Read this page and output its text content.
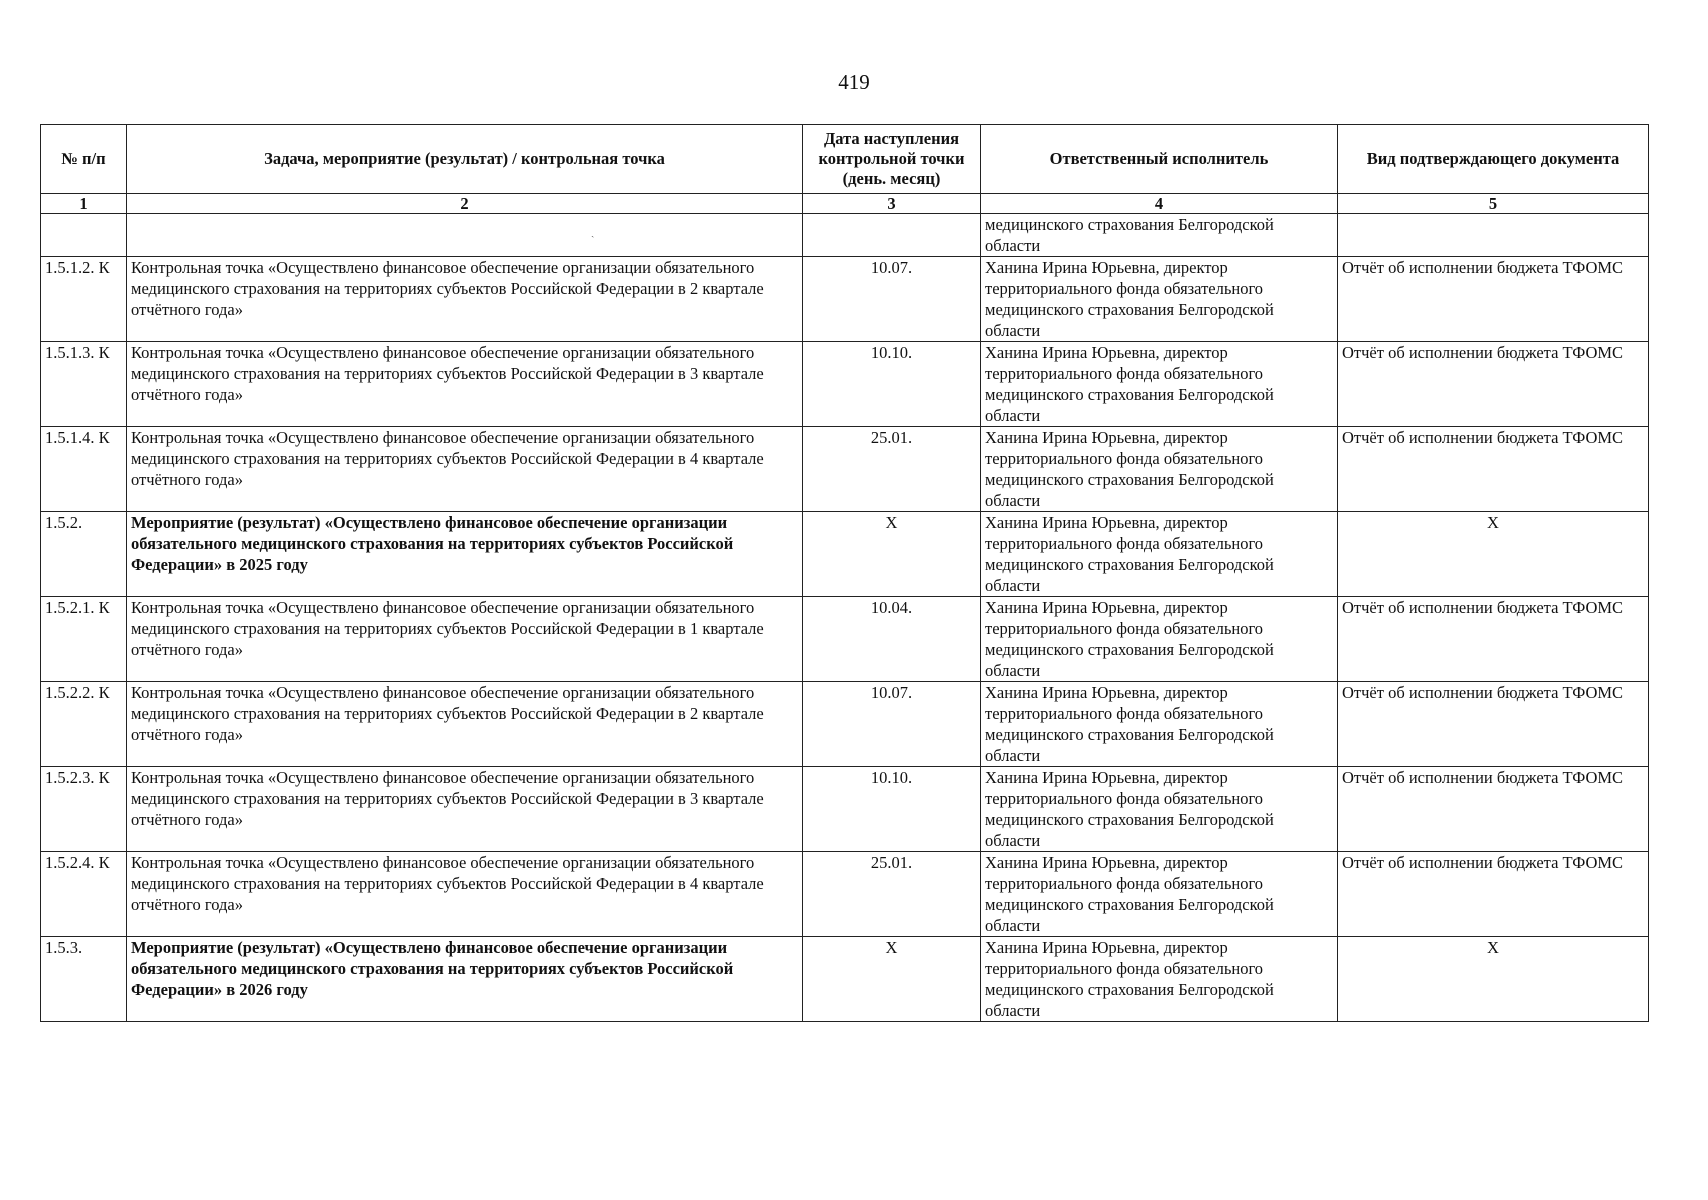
419
№ п/п	Задача, мероприятие (результат) / контрольная точка	Дата наступления контрольной точки (день. месяц)	Ответственный исполнитель	Вид подтверждающего документа
1	2	3	4	5
	ˏ		медицинского страхования Белгородской области	
1.5.1.2. К	Контрольная точка «Осуществлено финансовое обеспечение организации обязательного медицинского страхования на территориях субъектов Российской Федерации в 2 квартале отчётного года»	10.07.	Ханина Ирина Юрьевна, директор территориального фонда обязательного медицинского страхования Белгородской области	Отчёт об исполнении бюджета ТФОМС
1.5.1.3. К	Контрольная точка «Осуществлено финансовое обеспечение организации обязательного медицинского страхования на территориях субъектов Российской Федерации в 3 квартале отчётного года»	10.10.	Ханина Ирина Юрьевна, директор территориального фонда обязательного медицинского страхования Белгородской области	Отчёт об исполнении бюджета ТФОМС
1.5.1.4. К	Контрольная точка «Осуществлено финансовое обеспечение организации обязательного медицинского страхования на территориях субъектов Российской Федерации в 4 квартале отчётного года»	25.01.	Ханина Ирина Юрьевна, директор территориального фонда обязательного медицинского страхования Белгородской области	Отчёт об исполнении бюджета ТФОМС
1.5.2.	Мероприятие (результат) «Осуществлено финансовое обеспечение организации обязательного медицинского страхования на территориях субъектов Российской Федерации» в 2025 году	X	Ханина Ирина Юрьевна, директор территориального фонда обязательного медицинского страхования Белгородской области	X
1.5.2.1. К	Контрольная точка «Осуществлено финансовое обеспечение организации обязательного медицинского страхования на территориях субъектов Российской Федерации в 1 квартале отчётного года»	10.04.	Ханина Ирина Юрьевна, директор территориального фонда обязательного медицинского страхования Белгородской области	Отчёт об исполнении бюджета ТФОМС
1.5.2.2. К	Контрольная точка «Осуществлено финансовое обеспечение организации обязательного медицинского страхования на территориях субъектов Российской Федерации в 2 квартале отчётного года»	10.07.	Ханина Ирина Юрьевна, директор территориального фонда обязательного медицинского страхования Белгородской области	Отчёт об исполнении бюджета ТФОМС
1.5.2.3. К	Контрольная точка «Осуществлено финансовое обеспечение организации обязательного медицинского страхования на территориях субъектов Российской Федерации в 3 квартале отчётного года»	10.10.	Ханина Ирина Юрьевна, директор территориального фонда обязательного медицинского страхования Белгородской области	Отчёт об исполнении бюджета ТФОМС
1.5.2.4. К	Контрольная точка «Осуществлено финансовое обеспечение организации обязательного медицинского страхования на территориях субъектов Российской Федерации в 4 квартале отчётного года»	25.01.	Ханина Ирина Юрьевна, директор территориального фонда обязательного медицинского страхования Белгородской области	Отчёт об исполнении бюджета ТФОМС
1.5.3.	Мероприятие (результат) «Осуществлено финансовое обеспечение организации обязательного медицинского страхования на территориях субъектов Российской Федерации» в 2026 году	X	Ханина Ирина Юрьевна, директор территориального фонда обязательного медицинского страхования Белгородской области	X
